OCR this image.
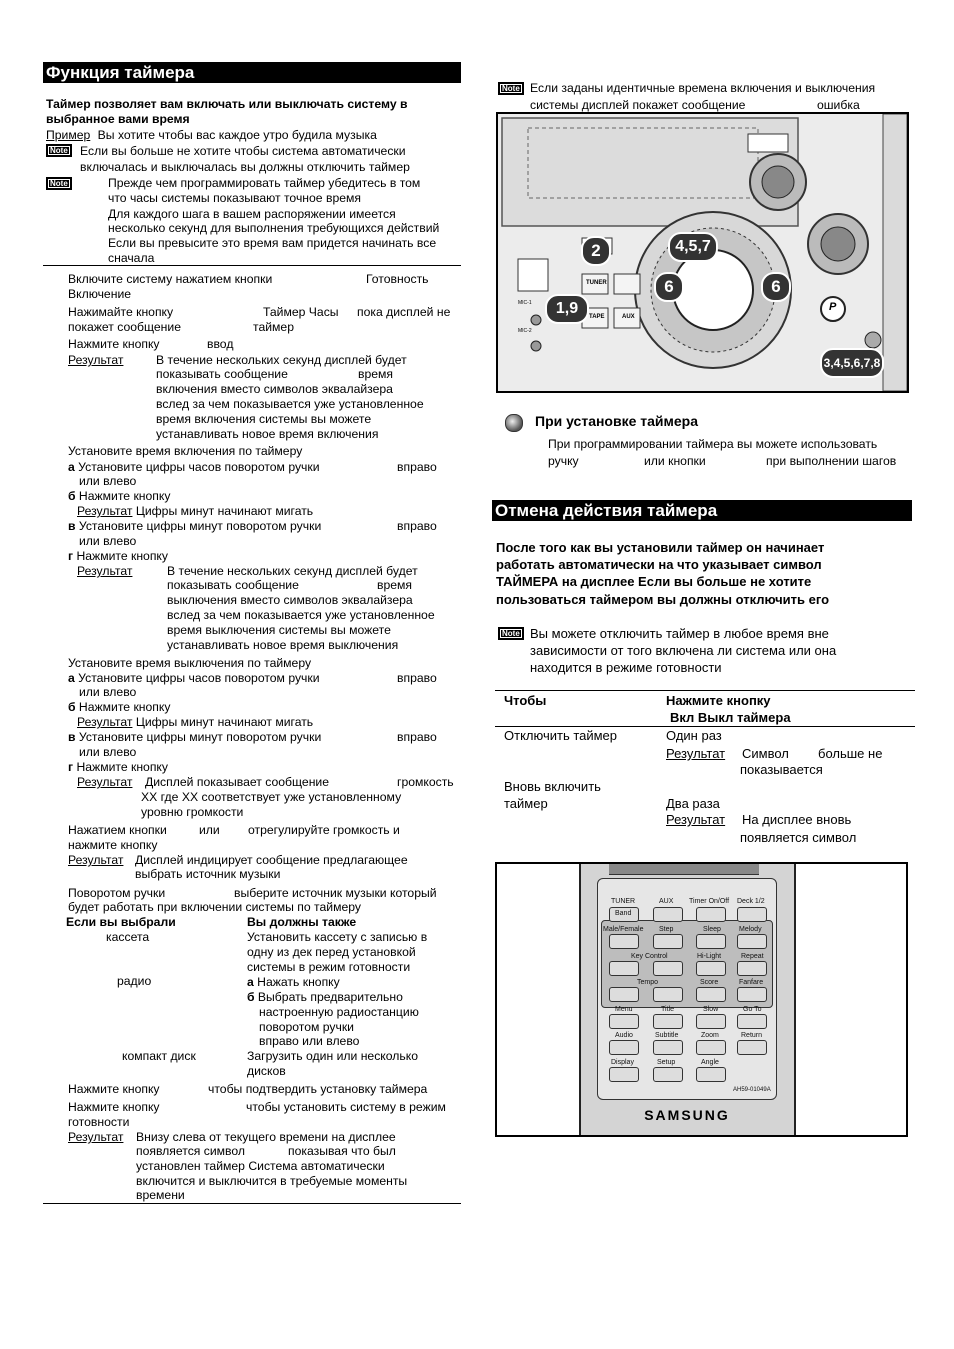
Функция таймера
Таймер позволяет вам включать или выключать систему в
выбранное вами время
Пример Вы хотите чтобы вас каждое утро будила музыка
Note	Если вы больше не хотите чтобы система автоматически
включалась и выключалась вы должны отключить таймер
Note	Прежде чем программировать таймер убедитесь в том
что часы системы показывают точное время
Для каждого шага в вашем распоряжении имеется
несколько секунд для выполнения требующихся действий
Если вы превысите это время вам придется начинать все
сначала
Включите систему нажатием кнопки	Готовность
Включение
Нажимайте кнопку	Таймер Часы пока дисплей не
покажет сообщение	таймер
Нажмите кнопку	ввод
Результат	В течение нескольких секунд дисплей будет
показывать сообщение	время
включения вместо символов эквалайзера
вслед за чем показывается уже установленное
время включения системы вы можете
устанавливать новое время включения
Установите время включения по таймеру
а Установите цифры часов поворотом ручки	вправо
или влево
б Нажмите кнопку
Результат Цифры минут начинают мигать
в Установите цифры минут поворотом ручки	вправо
или влево
г Нажмите кнопку
Результат	В течение нескольких секунд дисплей будет
показывать сообщение	время
выключения вместо символов эквалайзера
вслед за чем показывается уже установленное
время выключения системы вы можете
устанавливать новое время выключения
Установите время выключения по таймеру
а Установите цифры часов поворотом ручки	вправо
или влево
б Нажмите кнопку
Результат Цифры минут начинают мигать
в Установите цифры минут поворотом ручки	вправо
или влево
г Нажмите кнопку
Результат Дисплей показывает сообщение	громкость
XX где XX соответствует уже установленному
уровню громкости
Нажатием кнопки	или отрегулируйте громкость и
нажмите кнопку
Результат Дисплей индицирует сообщение предлагающее
выбрать источник музыки
Поворотом ручки	выберите источник музыки который
будет работать при включении системы по таймеру
Если вы выбрали	Вы должны также
кассета	Установить кассету с записью в
одну из дек перед установкой
системы в режим готовности
радио	а Нажать кнопку
б Выбрать предварительно
настроенную радиостанцию
поворотом ручки
вправо или влево
компакт диск	Загрузить один или несколько
дисков
Нажмите кнопку	чтобы подтвердить установку таймера
Нажмите кнопку	чтобы установить систему в режим
готовности
Результат Внизу слева от текущего времени на дисплее
появляется символ	показывая что был
установлен таймер Система автоматически
включится и выключится в требуемые моменты
времени
Note Если заданы идентичные времена включения и выключения
системы дисплей покажет сообщение	ошибка
TUNER
TAPE	AUX
MIC-1
MIC-2
P
2	4,5,7
6	6
1,9
3,4,5,6,7,8
При установке таймера
При программировании таймера вы можете использовать
ручку	или кнопки	при выполнении шагов
Отмена действия таймера
После того как вы установили таймер он начинает
работать автоматически на что указывает символ
ТАЙМЕРА на дисплее Если вы больше не хотите
пользоваться таймером вы должны отключить его
Note Вы можете отключить таймер в любое время вне
зависимости от того включена ли система или она
находится в режиме готовности
Чтобы	Нажмите кнопку
Вкл Выкл таймера
Отключить таймер	Один раз
Результат Символ больше не
показывается
Вновь включить
таймер	Два раза
Результат На дисплее вновь
появляется символ
TUNER	AUX Timer On/Off Deck 1/2
Band
Male/Female Step	Sleep	Melody
Key Control	Hi-Light	Repeat
Tempo	Score	Fanfare
Menu	Title	Slow	Go To
Audio	Subtitle	Zoom	Return
Display	Setup	Angle
AH59-01049A
SAMSUNG
